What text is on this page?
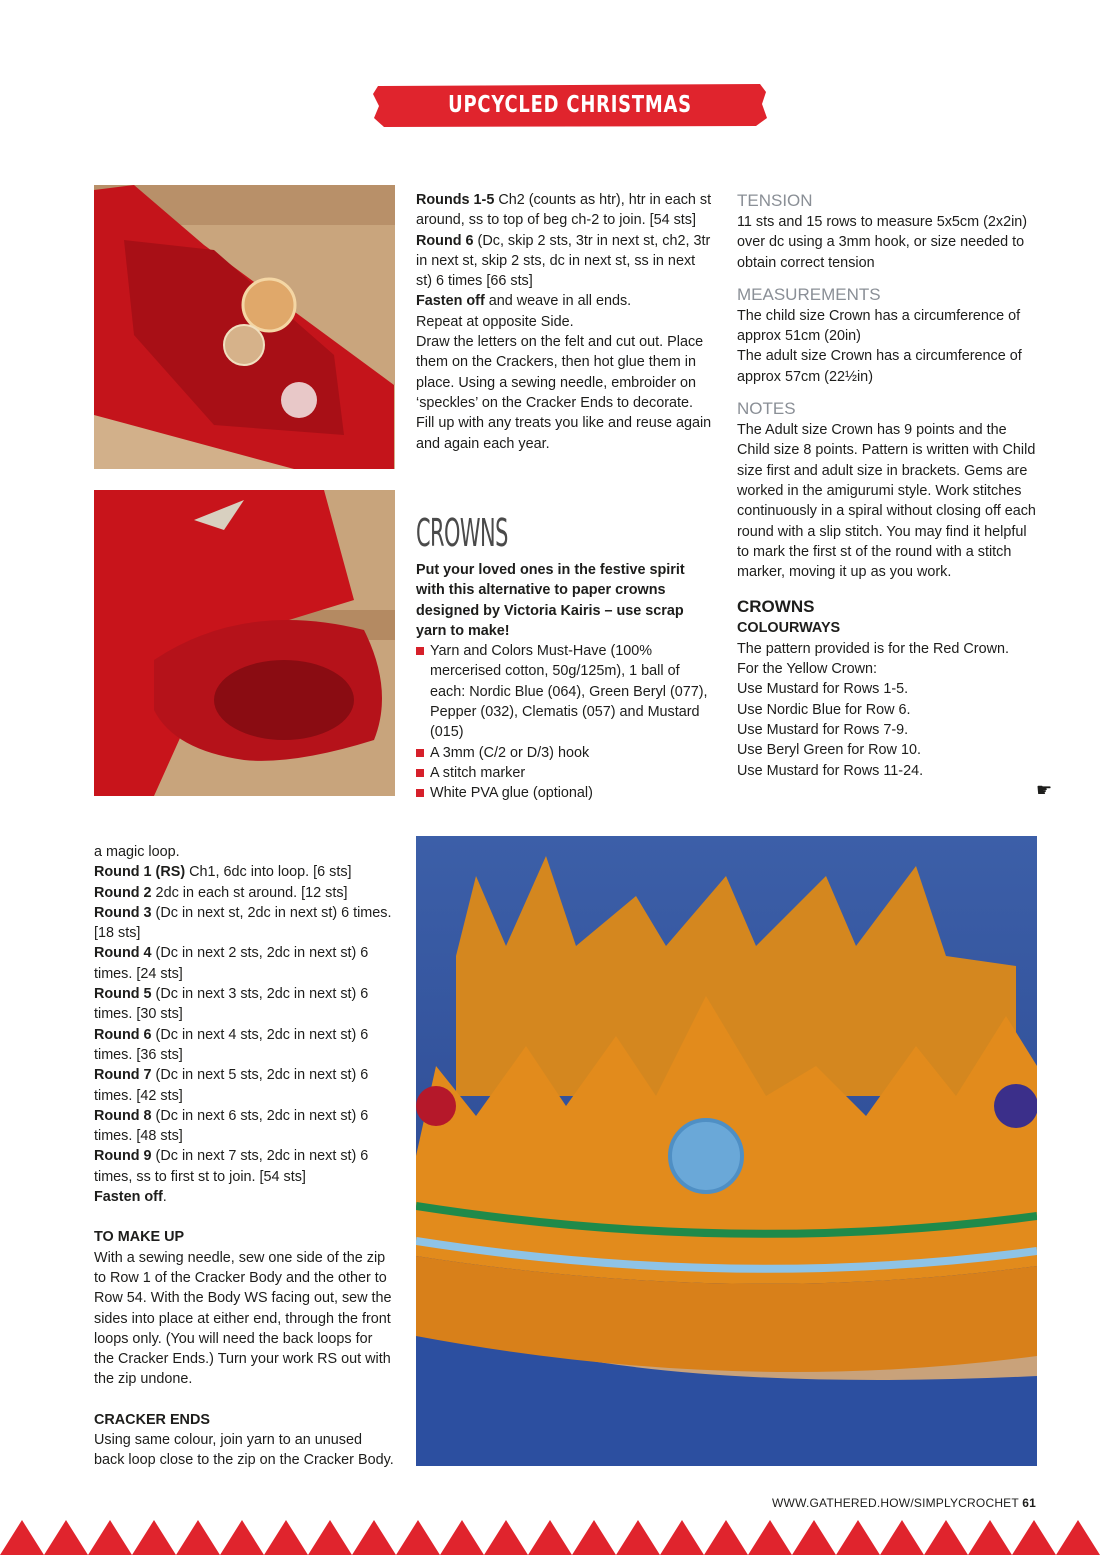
UPCYCLED CHRISTMAS COLLECTION

Rounds 1-5 Ch2 (counts as htr), htr in each st around, ss to top of beg ch-2 to join. [54 sts]

Round 6 (Dc, skip 2 sts, 3tr in next st, ch2, 3tr in next st, skip 2 sts, dc in next st, ss in next st) 6 times [66 sts]

Fasten off and weave in all ends.

Repeat at opposite Side.

Draw the letters on the felt and cut out. Place them on the Crackers, then hot glue them in place. Using a sewing needle, embroider on ‘speckles’ on the Cracker Ends to decorate. Fill up with any treats you like and reuse again and again each year.

CROWNS

Put your loved ones in the festive spirit with this alternative to paper crowns designed by Victoria Kairis – use scrap yarn to make!

Yarn and Colors Must-Have (100% mercerised cotton, 50g/125m), 1 ball of each: Nordic Blue (064), Green Beryl (077), Pepper (032), Clematis (057) and Mustard (015)

A 3mm (C/2 or D/3) hook

A stitch marker

White PVA glue (optional)

TENSION

11 sts and 15 rows to measure 5x5cm (2x2in) over dc using a 3mm hook, or size needed to obtain correct tension

MEASUREMENTS

The child size Crown has a circumference of approx 51cm (20in)

The adult size Crown has a circumference of approx 57cm (22½in)

NOTES

The Adult size Crown has 9 points and the Child size 8 points. Pattern is written with Child size first and adult size in brackets. Gems are worked in the amigurumi style. Work stitches continuously in a spiral without closing off each round with a slip stitch. You may find it helpful to mark the first st of the round with a stitch marker, moving it up as you work.

CROWNS

COLOURWAYS

The pattern provided is for the Red Crown.

For the Yellow Crown:

Use Mustard for Rows 1-5.

Use Nordic Blue for Row 6.

Use Mustard for Rows 7-9.

Use Beryl Green for Row 10.

Use Mustard for Rows 11-24.

☛

a magic loop.

Round 1 (RS) Ch1, 6dc into loop. [6 sts]

Round 2 2dc in each st around. [12 sts]

Round 3 (Dc in next st, 2dc in next st) 6 times. [18 sts]

Round 4 (Dc in next 2 sts, 2dc in next st) 6 times. [24 sts]

Round 5 (Dc in next 3 sts, 2dc in next st) 6 times. [30 sts]

Round 6 (Dc in next 4 sts, 2dc in next st) 6 times. [36 sts]

Round 7 (Dc in next 5 sts, 2dc in next st) 6 times. [42 sts]

Round 8 (Dc in next 6 sts, 2dc in next st) 6 times. [48 sts]

Round 9 (Dc in next 7 sts, 2dc in next st) 6 times, ss to first st to join. [54 sts]

Fasten off.

TO MAKE UP

With a sewing needle, sew one side of the zip to Row 1 of the Cracker Body and the other to Row 54. With the Body WS facing out, sew the sides into place at either end, through the front loops only. (You will need the back loops for the Cracker Ends.) Turn your work RS out with the zip undone.

CRACKER ENDS

Using same colour, join yarn to an unused back loop close to the zip on the Cracker Body.

WWW.GATHERED.HOW/SIMPLYCROCHET 61
